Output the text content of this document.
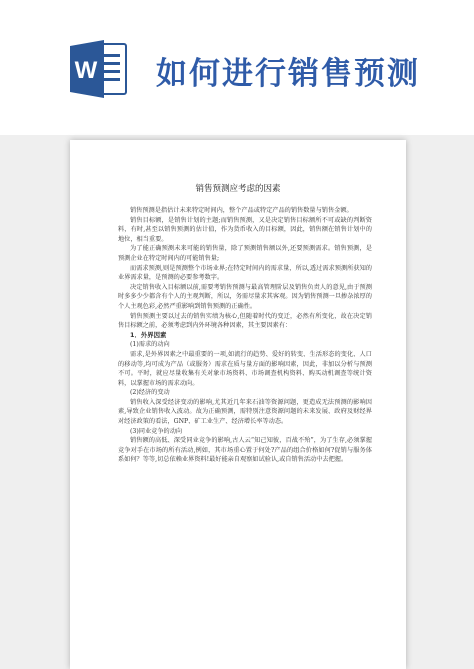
W 如何进行销售预测
销售预测应考虑的因素

销售预测是指估计未来特定时间内，整个产品或特定产品的销售数量与销售金额。

销售目标额，是销售计划的主题;而销售预测，又是决定销售目标额所不可或缺的判断资料，有时,甚至以销售预测的估计值，作为货币收入的目标额，因此，销售额在销售计划中的地位，相当重要。

为了能正确预测未来可能的销售量，除了预测销售额以外,还要预测需求。销售预测，是预测企业在特定时间内的可能销售量;

而需求预测,则是预测整个市场业界;在特定时间内的需求量，所以,透过需求预测所获知的业界需求量，是预测的必要参考数字。

决定销售收入目标额以前,需要考销售预测与最高管理阶层及销售负责人的意见,由于预测时多多少少都含有个人的主观判断，所以，务需尽量求其客观。因为销售预测一旦掺杂浓厚的个人主观色彩,必然严重影响到销售预测的正确性。

销售预测主要以过去的销售实绩为核心,但随着时代的变迁，必然有所变化，故在决定销售目标额之前，必须考虑到内外环境各种因素，其主要因素有：

1．外界因素

(1)需求的动向

需求,是外界因素之中最重要的一项,如流行的趋势、爱好的转变、生活形态的变化、人口的移动等,均可成为产品（或服务）需求在质与量方面的影响因素，因此，非加以分析与预测不可。平时，就应尽量收集有关对象市场资料、市场调查机构资料、购买动机调查等统计资料，以掌握市场的需求动向。

(2)经济的变动

销售收入深受经济变动的影响,尤其近几年来石油等资源问题，更造成无法预测的影响因素,导致企业销售收入波动。故为正确预测，需特别注意资源问题的未来发展、政府及财经界对经济政策的看法，GNP、矿工业生产、经济增长率等动态。

(3)同业竞争的动向

销售额的高低、深受同业竞争的影响,古人云“知己知彼，百战不殆”，为了生存,必须掌握竞争对手在市场的所有活动,例如，其市场重心置于何处?产品的组合价格如何?促销与服务体系如何？等等,切总依赖业界资料!最好能亲自观察如试验认,或自销售活动中去把握。
